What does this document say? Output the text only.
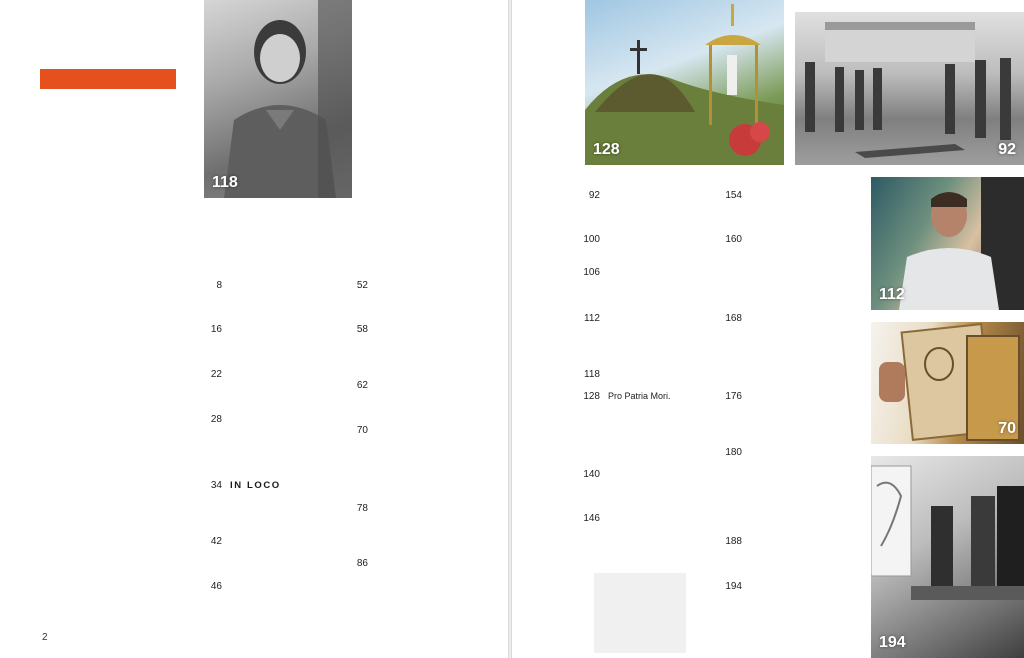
2
118
8
16
22
28
34 IN LOCO
42
46
52
58
62
70
78
86
92
100
106
112
118
128 Pro Patria Mori.
140
146
154
160
168
176
180
188
194
128	92
112
70
194
